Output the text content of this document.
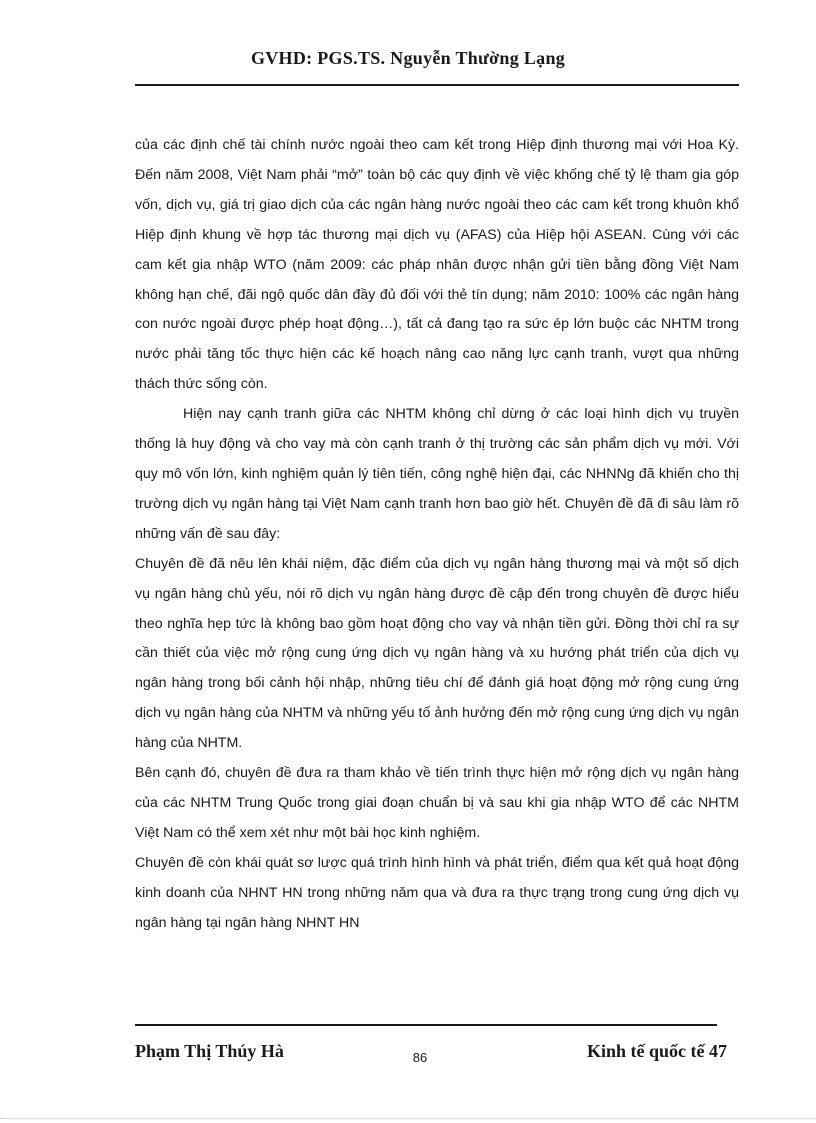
GVHD: PGS.TS. Nguyễn Thường Lạng

của các định chế tài chính nước ngoài theo cam kết trong Hiệp định thương mại với Hoa Kỳ. Đến năm 2008, Việt Nam phải “mở” toàn bộ các quy định về việc khống chế tỷ lệ tham gia góp vốn, dịch vụ, giá trị giao dịch của các ngân hàng nước ngoài theo các cam kết trong khuôn khổ Hiệp định khung về hợp tác thương mại dịch vụ (AFAS) của Hiệp hội ASEAN. Cùng với các cam kết gia nhập WTO (năm 2009: các pháp nhân được nhận gửi tiền bằng đồng Việt Nam không hạn chế, đãi ngộ quốc dân đầy đủ đối với thẻ tín dụng; năm 2010: 100% các ngân hàng con nước ngoài được phép hoạt động…), tất cả đang tạo ra sức ép lớn buộc các NHTM trong nước phải tăng tốc thực hiện các kế hoạch nâng cao năng lực cạnh tranh, vượt qua những thách thức sống còn.

Hiện nay cạnh tranh giữa các NHTM không chỉ dừng ở các loại hình dịch vụ truyền thống là huy động và cho vay mà còn cạnh tranh ở thị trường các sản phẩm dịch vụ mới. Với quy mô vốn lớn, kinh nghiệm quản lý tiên tiến, công nghệ hiện đại, các NHNNg đã khiến cho thị trường dịch vụ ngân hàng tại Việt Nam cạnh tranh hơn bao giờ hết. Chuyên đề đã đi sâu làm rõ những vấn đề sau đây:

Chuyên đề đã nêu lên khái niệm, đặc điểm của dịch vụ ngân hàng thương mại và một số dịch vụ ngân hàng chủ yếu, nói rõ dịch vụ ngân hàng được đề cập đến trong chuyên đề được hiểu theo nghĩa hẹp tức là không bao gồm hoạt động cho vay và nhận tiền gửi. Đồng thời chỉ ra sự cần thiết của việc mở rộng cung ứng dịch vụ ngân hàng và xu hướng phát triển của dịch vụ ngân hàng trong bối cảnh hội nhập, những tiêu chí để đánh giá hoạt động mở rộng cung ứng dịch vụ ngân hàng của NHTM và những yếu tố ảnh hưởng đến mở rộng cung ứng dịch vụ ngân hàng của NHTM.

Bên cạnh đó, chuyên đề đưa ra tham khảo về tiến trình thực hiện mở rộng dịch vụ ngân hàng của các NHTM Trung Quốc trong giai đoạn chuẩn bị và sau khi gia nhập WTO để các NHTM Việt Nam có thể xem xét như một bài học kinh nghiệm.

Chuyên đề còn khái quát sơ lược quá trình hình hình và phát triển, điểm qua kết quả hoạt động kinh doanh của NHNT HN trong những năm qua và đưa ra thực trạng trong cung ứng dịch vụ ngân hàng tại ngân hàng NHNT HN

Phạm Thị Thúy Hà	86	Kinh tế quốc tế 47
